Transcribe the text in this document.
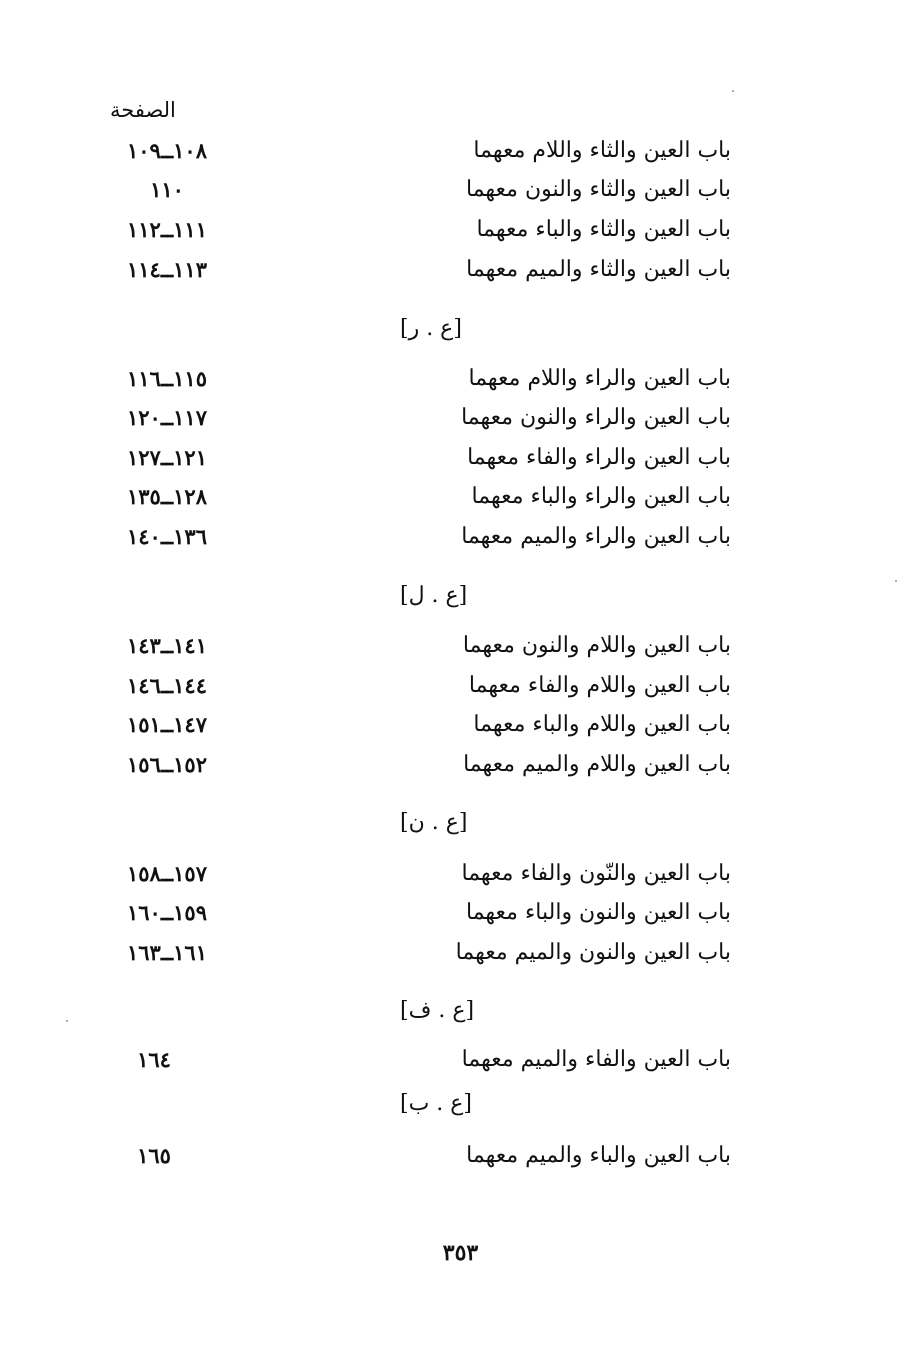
الصفحة
باب العين والثاء واللام معهما
١٠٨ــ١٠٩
باب العين والثاء والنون معهما
١١٠
باب العين والثاء والباء معهما
١١١ــ١١٢
باب العين والثاء والميم معهما
١١٣ــ١١٤
[ع . ر]
باب العين والراء واللام معهما
١١٥ــ١١٦
باب العين والراء والنون معهما
١١٧ــ١٢٠
باب العين والراء والفاء معهما
١٢١ــ١٢٧
باب العين والراء والباء معهما
١٢٨ــ١٣٥
باب العين والراء والميم معهما
١٣٦ــ١٤٠
[ع . ل]
باب العين واللام والنون معهما
١٤١ــ١٤٣
باب العين واللام والفاء معهما
١٤٤ــ١٤٦
باب العين واللام والباء معهما
١٤٧ــ١٥١
باب العين واللام والميم معهما
١٥٢ــ١٥٦
[ع . ن]
باب العين والنّون والفاء معهما
١٥٧ــ١٥٨
باب العين والنون والباء معهما
١٥٩ــ١٦٠
باب العين والنون والميم معهما
١٦١ــ١٦٣
[ع . ف]
باب العين والفاء والميم معهما
١٦٤
[ع . ب]
باب العين والباء والميم معهما
١٦٥
٣٥٣
